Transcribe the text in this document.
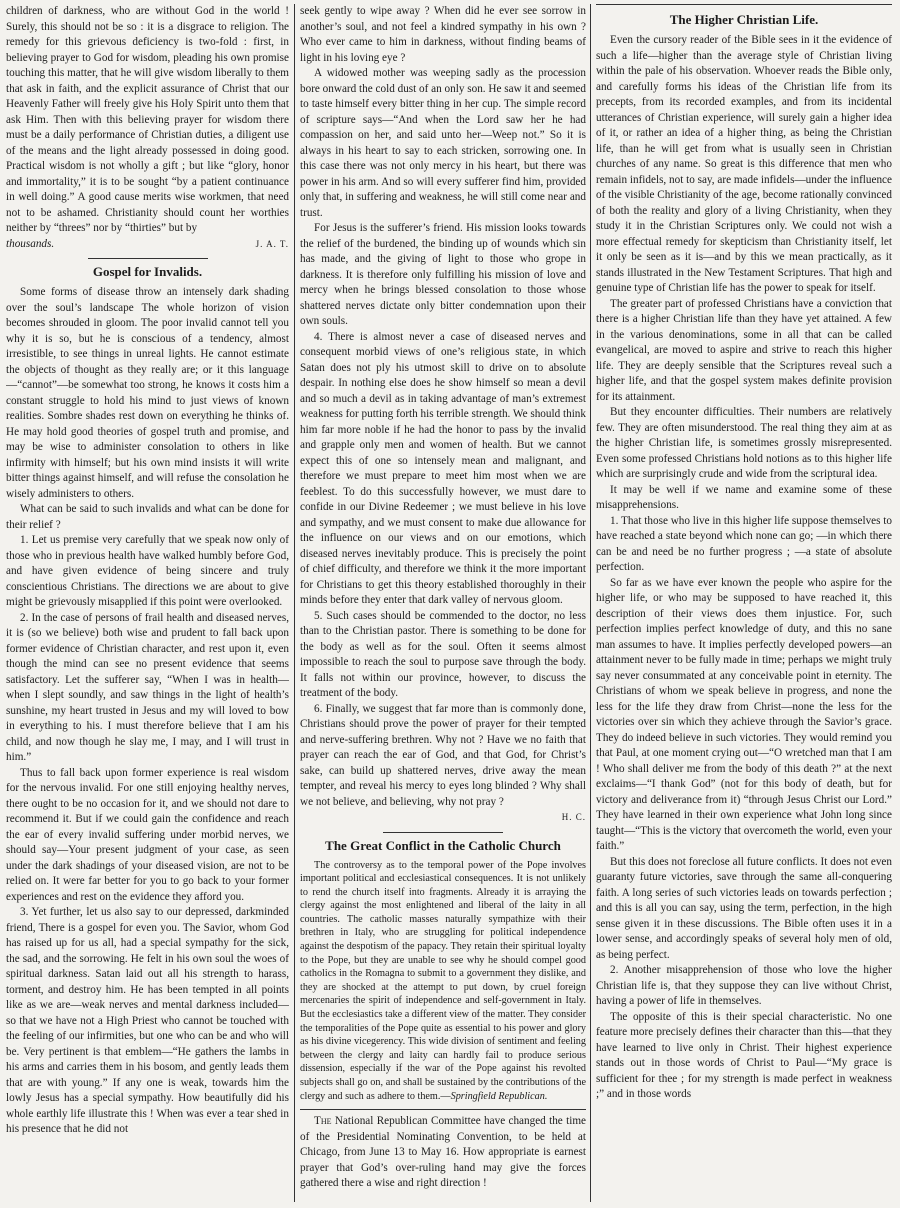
children of darkness, who are without God in the world ! Surely, this should not be so : it is a disgrace to religion. The remedy for this grievous deficiency is two-fold : first, in believing prayer to God for wisdom, pleading his own promise touching this matter, that he will give wisdom liberally to them that ask in faith, and the explicit assurance of Christ that our Heavenly Father will freely give his Holy Spirit unto them that ask Him. Then with this believing prayer for wisdom there must be a daily performance of Christian duties, a diligent use of the means and the light already possessed in doing good. Practical wisdom is not wholly a gift ; but like “glory, honor and immortality,” it is to be sought “by a patient continuance in well doing.” A good cause merits wise workmen, that need not to be ashamed. Christianity should count her worthies neither by “threes” nor by “thirties” but by

thousands.	J. A. T.
Gospel for Invalids.

Some forms of disease throw an intensely dark shading over the soul’s landscape The whole horizon of vision becomes shrouded in gloom. The poor invalid cannot tell you why it is so, but he is conscious of a tendency, almost irresistible, to see things in unreal lights. He cannot estimate the objects of thought as they really are; or it this language—“cannot”—be somewhat too strong, he knows it costs him a constant struggle to hold his mind to just views of known realities. Sombre shades rest down on everything he thinks of. He may hold good theories of gospel truth and promise, and may be wise to administer consolation to others in like infirmity with himself; but his own mind insists it will write bitter things against himself, and will refuse the consolation he wisely administers to others.

What can be said to such invalids and what can be done for their relief ?

1. Let us premise very carefully that we speak now only of those who in previous health have walked humbly before God, and have given evidence of being sincere and truly conscientious Christians. The directions we are about to give might be grievously misapplied if this point were overlooked.

2. In the case of persons of frail health and diseased nerves, it is (so we believe) both wise and prudent to fall back upon former evidence of Christian character, and rest upon it, even though the mind can see no present evidence that seems satisfactory. Let the sufferer say, “When I was in health—when I slept soundly, and saw things in the light of health’s sunshine, my heart trusted in Jesus and my will loved to bow in everything to his. I must therefore believe that I am his child, and now though he slay me, I may, and I will trust in him.”

Thus to fall back upon former experience is real wisdom for the nervous invalid. For one still enjoying healthy nerves, there ought to be no occasion for it, and we should not dare to recommend it. But if we could gain the confidence and reach the ear of every invalid suffering under morbid nerves, we should say—Your present judgment of your case, as seen under the dark shadings of your diseased vision, are not to be relied on. It were far better for you to go back to your former experiences and rest on the evidence they afford you.

3. Yet further, let us also say to our depressed, darkminded friend, There is a gospel for even you. The Savior, whom God has raised up for us all, had a special sympathy for the sick, the sad, and the sorrowing. He felt in his own soul the woes of spiritual darkness. Satan laid out all his strength to harass, torment, and destroy him. He has been tempted in all points like as we are—weak nerves and mental darkness included—so that we have not a High Priest who cannot be touched with the feeling of our infirmities, but one who can be and who will be. Very pertinent is that emblem—“He gathers the lambs in his arms and carries them in his bosom, and gently leads them that are with young.” If any one is weak, towards him the lowly Jesus has a special sympathy. How beautifully did his whole earthly life illustrate this ! When was ever a tear shed in his presence that he did not

seek gently to wipe away ? When did he ever see sorrow in another’s soul, and not feel a kindred sympathy in his own ? Who ever came to him in darkness, without finding beams of light in his loving eye ?

A widowed mother was weeping sadly as the procession bore onward the cold dust of an only son. He saw it and seemed to taste himself every bitter thing in her cup. The simple record of scripture says—“And when the Lord saw her he had compassion on her, and said unto her—Weep not.” So it is always in his heart to say to each stricken, sorrowing one. In this case there was not only mercy in his heart, but there was power in his arm. And so will every sufferer find him, provided only that, in suffering and weakness, he will still come near and trust.

For Jesus is the sufferer’s friend. His mission looks towards the relief of the burdened, the binding up of wounds which sin has made, and the giving of light to those who grope in darkness. It is therefore only fulfilling his mission of love and mercy when he brings blessed consolation to those whose shattered nerves dictate only bitter condemnation upon their own souls.

4. There is almost never a case of diseased nerves and consequent morbid views of one’s religious state, in which Satan does not ply his utmost skill to drive on to absolute despair. In nothing else does he show himself so mean a devil and so much a devil as in taking advantage of man’s extremest weakness for putting forth his terrible strength. We should think him far more noble if he had the honor to pass by the invalid and grapple only men and women of health. But we cannot expect this of one so intensely mean and malignant, and therefore we must prepare to meet him most when we are feeblest. To do this successfully however, we must dare to confide in our Divine Redeemer ; we must believe in his love and sympathy, and we must consent to make due allowance for the influence on our views and on our emotions, which diseased nerves inevitably produce. This is precisely the point of chief difficulty, and therefore we think it the more important for Christians to get this theory established thoroughly in their minds before they enter that dark valley of nervous gloom.

5. Such cases should be commended to the doctor, no less than to the Christian pastor. There is something to be done for the body as well as for the soul. Often it seems almost impossible to reach the soul to purpose save through the body. It falls not within our province, however, to discuss the treatment of the body.

6. Finally, we suggest that far more than is commonly done, Christians should prove the power of prayer for their tempted and nerve-suffering brethren. Why not ? Have we no faith that prayer can reach the ear of God, and that God, for Christ’s sake, can build up shattered nerves, drive away the mean tempter, and reveal his mercy to eyes long blinded ? Why shall we not believe, and believing, why not pray ?

H. C.
The Great Conflict in the Catholic Church

The controversy as to the temporal power of the Pope involves important political and ecclesiastical consequences. It is not unlikely to rend the church itself into fragments. Already it is arraying the clergy against the most enlightened and liberal of the laity in all countries. The catholic masses naturally sympathize with their brethren in Italy, who are struggling for political independence against the despotism of the papacy. They retain their spiritual loyalty to the Pope, but they are unable to see why he should compel good catholics in the Romagna to submit to a government they dislike, and they are shocked at the attempt to put down, by cruel foreign mercenaries the spirit of independence and self-government in Italy. But the ecclesiastics take a different view of the matter. They consider the temporalities of the Pope quite as essential to his power and glory as his divine vicegerency. This wide division of sentiment and feeling between the clergy and laity can hardly fail to produce serious dissension, especially if the war of the Pope against his revolted subjects shall go on, and shall be sustained by the contributions of the clergy and such as adhere to them.—Springfield Republican.

The National Republican Committee have changed the time of the Presidential Nominating Convention, to be held at Chicago, from June 13 to May 16. How appropriate is earnest prayer that God’s over-ruling hand may give the forces gathered there a wise and right direction !

The Higher Christian Life.

Even the cursory reader of the Bible sees in it the evidence of such a life—higher than the average style of Christian living within the pale of his observation. Whoever reads the Bible only, and carefully forms his ideas of the Christian life from its precepts, from its recorded examples, and from its incidental utterances of Christian experience, will surely gain a higher idea of it, or rather an idea of a higher thing, as being the Christian life, than he will get from what is usually seen in Christian churches of any name. So great is this difference that men who remain infidels, not to say, are made infidels—under the influence of the visible Christianity of the age, become rationally convinced of both the reality and glory of a living Christianity, when they study it in the Christian Scriptures only. We could not wish a more effectual remedy for skepticism than Christianity itself, let it only be seen as it is—and by this we mean practically, as it stands illustrated in the New Testament Scriptures. That high and genuine type of Christian life has the power to speak for itself.

The greater part of professed Christians have a conviction that there is a higher Christian life than they have yet attained. A few in the various denominations, some in all that can be called evangelical, are moved to aspire and strive to reach this higher life. They are deeply sensible that the Scriptures reveal such a higher life, and that the gospel system makes definite provision for its attainment.

But they encounter difficulties. Their numbers are relatively few. They are often misunderstood. The real thing they aim at as the higher Christian life, is sometimes grossly misrepresented. Even some professed Christians hold notions as to this higher life which are surprisingly crude and wide from the scriptural idea.

It may be well if we name and examine some of these misapprehensions.

1. That those who live in this higher life suppose themselves to have reached a state beyond which none can go; —in which there can be and need be no further progress ; —a state of absolute perfection.

So far as we have ever known the people who aspire for the higher life, or who may be supposed to have reached it, this description of their views does them injustice. For, such perfection implies perfect knowledge of duty, and this no sane man assumes to have. It implies perfectly developed powers—an attainment never to be fully made in time; perhaps we might truly say never consummated at any conceivable point in eternity. The Christians of whom we speak believe in progress, and none the less for the life they draw from Christ—none the less for the victories over sin which they achieve through the Savior’s grace. They do indeed believe in such victories. They would remind you that Paul, at one moment crying out—“O wretched man that I am ! Who shall deliver me from the body of this death ?” at the next exclaims—“I thank God” (not for this body of death, but for victory and deliverance from it) “through Jesus Christ our Lord.” They have learned in their own experience what John long since taught—“This is the victory that overcometh the world, even your faith.”

But this does not foreclose all future conflicts. It does not even guaranty future victories, save through the same all-conquering faith. A long series of such victories leads on towards perfection ; and this is all you can say, using the term, perfection, in the high sense given it in these discussions. The Bible often uses it in a lower sense, and accordingly speaks of several holy men of old, as being perfect.

2. Another misapprehension of those who love the higher Christian life is, that they suppose they can live without Christ, having a power of life in themselves.

The opposite of this is their special characteristic. No one feature more precisely defines their character than this—that they have learned to live only in Christ. Their highest experience stands out in those words of Christ to Paul—“My grace is sufficient for thee ; for my strength is made perfect in weakness ;” and in those words
